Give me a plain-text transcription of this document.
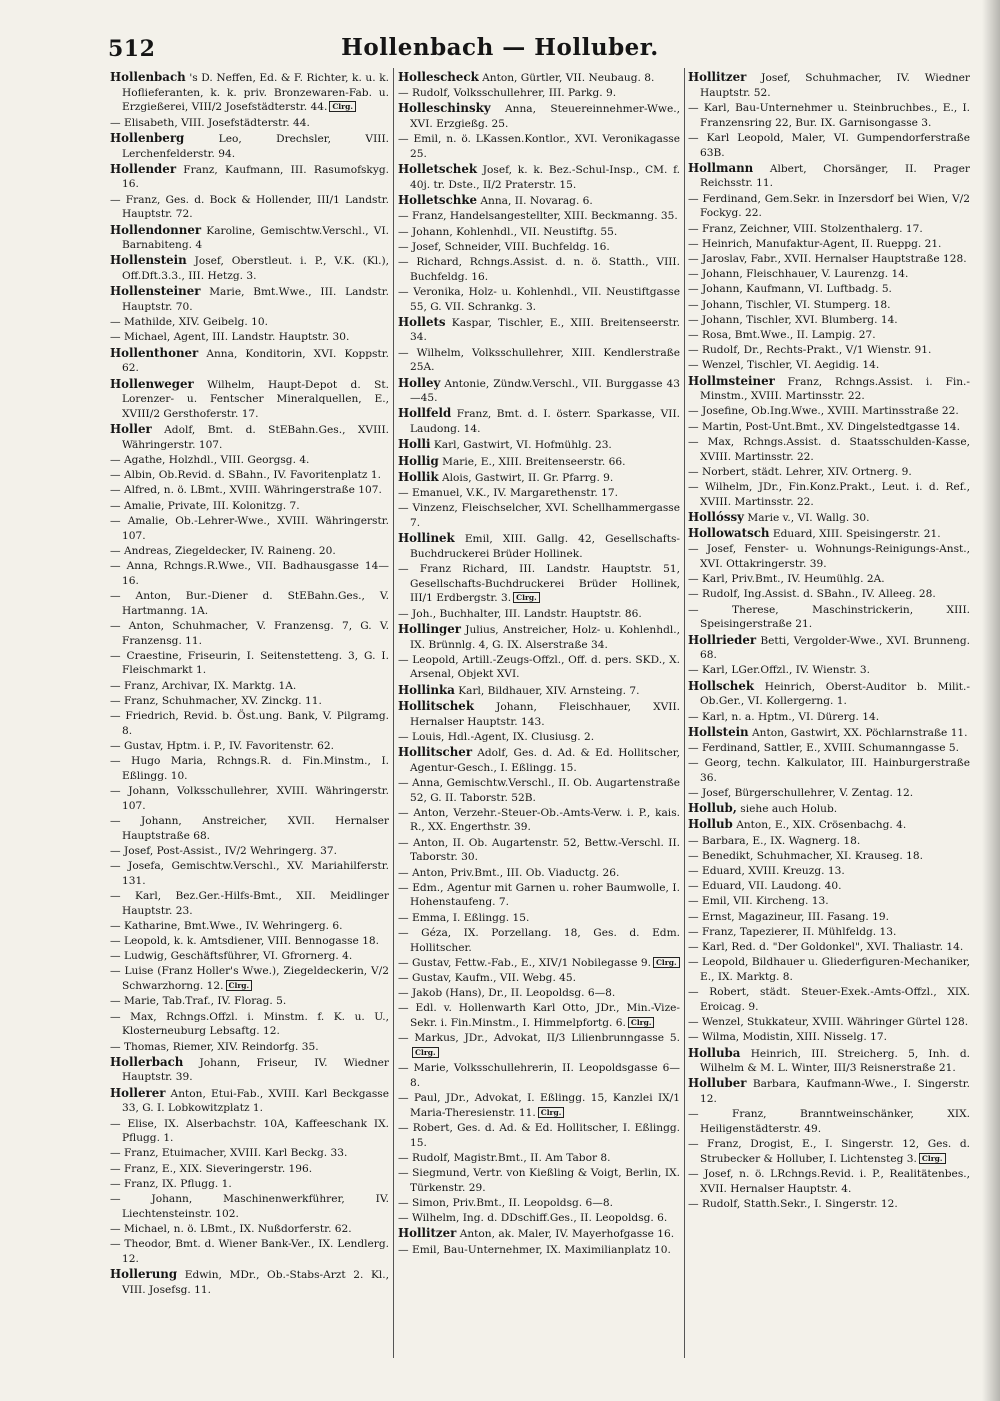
512	Hollenbach — Holluber.
Hollenbach 's D. Neffen, Ed. & F. Richter, k. u. k. Hoflieferanten, k. k. priv. Bronzewaren-Fab. u. Erzgießerei, VIII/2 Josefstädterstr. 44. Clrg.
— Elisabeth, VIII. Josefstädterstr. 44.
Hollenberg	Leo, Drechsler, VIII. Lerchenfelderstr. 94.
Hollender Franz, Kaufmann, III. Rasumofskyg. 16.
— Franz, Ges. d. Bock & Hollender, III/1 Landstr. Hauptstr. 72.
Hollendonner Karoline, Gemischtw.Verschl., VI. Barnabiteng. 4
Hollenstein Josef, Oberstleut. i. P., V.K. (Kl.), Off.Dft.3.3., III. Hetzg. 3.
Hollensteiner Marie, Bmt.Wwe., III. Landstr. Hauptstr. 70.
— Mathilde, XIV. Geibelg. 10.
— Michael, Agent, III. Landstr. Hauptstr. 30.
Hollenthoner Anna, Konditorin, XVI. Koppstr. 62.
Hollenweger Wilhelm, Haupt-Depot d. St. Lorenzer- u. Fentscher Mineralquellen, E., XVIII/2 Gersthoferstr. 17.
Holler Adolf, Bmt. d. StEBahn.Ges., XVIII. Währingerstr. 107.
— Agathe, Holzhdl., VIII. Georgsg. 4.
— Albin, Ob.Revid. d. SBahn., IV. Favoritenplatz 1.
— Alfred, n. ö. LBmt., XVIII. Währingerstraße 107.
— Amalie, Private, III. Kolonitzg. 7.
— Amalie, Ob.-Lehrer-Wwe., XVIII. Währingerstr. 107.
— Andreas, Ziegeldecker, IV. Raineng. 20.
— Anna, Rchngs.R.Wwe., VII. Badhausgasse 14—16.
— Anton, Bur.-Diener d. StEBahn.Ges., V. Hartmanng. 1A.
— Anton, Schuhmacher, V. Franzensg. 7, G. V. Franzensg. 11.
— Craestine, Friseurin, I. Seitenstetteng. 3, G. I. Fleischmarkt 1.
— Franz, Archivar, IX. Marktg. 1A.
— Franz, Schuhmacher, XV. Zinckg. 11.
— Friedrich, Revid. b. Öst.ung. Bank, V. Pilgramg. 8.
— Gustav, Hptm. i. P., IV. Favoritenstr. 62.
— Hugo Maria, Rchngs.R. d. Fin.Minstm., I. Eßlingg. 10.
— Johann, Volksschullehrer, XVIII. Währingerstr. 107.
— Johann, Anstreicher, XVII. Hernalser Hauptstraße 68.
— Josef, Post-Assist., IV/2 Wehringerg. 37.
— Josefa, Gemischtw.Verschl., XV. Mariahilferstr. 131.
— Karl, Bez.Ger.-Hilfs-Bmt., XII. Meidlinger Hauptstr. 23.
— Katharine, Bmt.Wwe., IV. Wehringerg. 6.
— Leopold, k. k. Amtsdiener, VIII. Bennogasse 18.
— Ludwig, Geschäftsführer, VI. Gfrornerg. 4.
— Luise (Franz Holler's Wwe.), Ziegeldeckerin, V/2 Schwarzhorng. 12. Clrg.
— Marie, Tab.Traf., IV. Florag. 5.
— Max, Rchngs.Offzl. i. Minstm. f. K. u. U., Klosterneuburg Lebsaftg. 12.
— Thomas, Riemer, XIV. Reindorfg. 35.
Hollerbach Johann, Friseur, IV. Wiedner Hauptstr. 39.
Hollerer Anton, Etui-Fab., XVIII. Karl Beckgasse 33, G. I. Lobkowitzplatz 1.
— Elise, IX. Alserbachstr. 10A, Kaffeeschank IX. Pflugg. 1.
— Franz, Etuimacher, XVIII. Karl Beckg. 33.
— Franz, E., XIX. Sieveringerstr. 196.
— Franz, IX. Pflugg. 1.
— Johann, Maschinenwerkführer, IV. Liechtensteinstr. 102.
— Michael, n. ö. LBmt., IX. Nußdorferstr. 62.
— Theodor, Bmt. d. Wiener Bank-Ver., IX. Lendlerg. 12.
Hollerung Edwin, MDr., Ob.-Stabs-Arzt 2. Kl., VIII. Josefsg. 11.
Hollescheck Anton, Gürtler, VII. Neubaug. 8.
— Rudolf, Volksschullehrer, III. Parkg. 9.
Holleschinsky Anna, Steuereinnehmer-Wwe., XVI. Erzgießg. 25.
— Emil, n. ö. LKassen.Kontlor., XVI. Veronikagasse 25.
Holletschek Josef, k. k. Bez.-Schul-Insp., CM. f. 40j. tr. Dste., II/2 Praterstr. 15.
Holletschke Anna, II. Novarag. 6.
— Franz, Handelsangestellter, XIII. Beckmanng. 35.
— Johann, Kohlenhdl., VII. Neustiftg. 55.
— Josef, Schneider, VIII. Buchfeldg. 16.
— Richard, Rchngs.Assist. d. n. ö. Statth., VIII. Buchfeldg. 16.
— Veronika, Holz- u. Kohlenhdl., VII. Neustiftgasse 55, G. VII. Schrankg. 3.
Hollets Kaspar, Tischler, E., XIII. Breitenseerstr. 34.
— Wilhelm, Volksschullehrer, XIII. Kendlerstraße 25A.
Holley Antonie, Zündw.Verschl., VII. Burggasse 43—45.
Hollfeld Franz, Bmt. d. I. österr. Sparkasse, VII. Laudong. 14.
Holli Karl, Gastwirt, VI. Hofmühlg. 23.
Hollig Marie, E., XIII. Breitenseerstr. 66.
Hollik Alois, Gastwirt, II. Gr. Pfarrg. 9.
— Emanuel, V.K., IV. Margarethenstr. 17.
— Vinzenz, Fleischselcher, XVI. Schellhammergasse 7.
Hollinek Emil, XIII. Gallg. 42, Gesellschafts-Buchdruckerei Brüder Hollinek.
— Franz Richard, III. Landstr. Hauptstr. 51, Gesellschafts-Buchdruckerei Brüder Hollinek, III/1 Erdbergstr. 3. Clrg.
— Joh., Buchhalter, III. Landstr. Hauptstr. 86.
Hollinger Julius, Anstreicher, Holz- u. Kohlenhdl., IX. Brünnlg. 4, G. IX. Alserstraße 34.
— Leopold, Artill.-Zeugs-Offzl., Off. d. pers. SKD., X. Arsenal, Objekt XVI.
Hollinka Karl, Bildhauer, XIV. Arnsteing. 7.
Hollitschek Johann, Fleischhauer, XVII. Hernalser Hauptstr. 143.
— Louis, Hdl.-Agent, IX. Clusiusg. 2.
Hollitscher Adolf, Ges. d. Ad. & Ed. Hollitscher, Agentur-Gesch., I. Eßlingg. 15.
— Anna, Gemischtw.Verschl., II. Ob. Augartenstraße 52, G. II. Taborstr. 52B.
— Anton, Verzehr.-Steuer-Ob.-Amts-Verw. i. P., kais. R., XX. Engerthstr. 39.
— Anton, II. Ob. Augartenstr. 52, Bettw.-Verschl. II. Taborstr. 30.
— Anton, Priv.Bmt., III. Ob. Viaductg. 26.
— Edm., Agentur mit Garnen u. roher Baumwolle, I. Hohenstaufeng. 7.
— Emma, I. Eßlingg. 15.
— Géza, IX. Porzellang. 18, Ges. d. Edm. Hollitscher.
— Gustav, Fettw.-Fab., E., XIV/1 Nobilegasse 9. Clrg.
— Gustav, Kaufm., VII. Webg. 45.
— Jakob (Hans), Dr., II. Leopoldsg. 6—8.
— Edl. v. Hollenwarth Karl Otto, JDr., Min.-Vize-Sekr. i. Fin.Minstm., I. Himmelpfortg. 6. Clrg.
— Markus, JDr., Advokat, II/3 Lilienbrunngasse 5.Clrg.
— Marie, Volksschullehrerin, II. Leopoldsgasse 6—8.
— Paul, JDr., Advokat, I. Eßlingg. 15, Kanzlei IX/1 Maria-Theresienstr. 11. Clrg.
— Robert, Ges. d. Ad. & Ed. Hollitscher, I. Eßlingg. 15.
— Rudolf, Magistr.Bmt., II. Am Tabor 8.
— Siegmund, Vertr. von Kießling & Voigt, Berlin, IX. Türkenstr. 29.
— Simon, Priv.Bmt., II. Leopoldsg. 6—8.
— Wilhelm, Ing. d. DDschiff.Ges., II. Leopoldsg. 6.
Hollitzer Anton, ak. Maler, IV. Mayerhofgasse 16.
— Emil, Bau-Unternehmer, IX. Maximilianplatz 10.
Hollitzer Josef, Schuhmacher, IV. Wiedner Hauptstr. 52.
— Karl, Bau-Unternehmer u. Steinbruchbes., E., I. Franzensring 22, Bur. IX. Garnisongasse 3.
— Karl Leopold, Maler, VI. Gumpendorferstraße 63B.
Hollmann Albert, Chorsänger, II. Prager Reichsstr. 11.
— Ferdinand, Gem.Sekr. in Inzersdorf bei Wien, V/2 Fockyg. 22.
— Franz, Zeichner, VIII. Stolzenthalerg. 17.
— Heinrich, Manufaktur-Agent, II. Rueppg. 21.
— Jaroslav, Fabr., XVII. Hernalser Hauptstraße 128.
— Johann, Fleischhauer, V. Laurenzg. 14.
— Johann, Kaufmann, VI. Luftbadg. 5.
— Johann, Tischler, VI. Stumperg. 18.
— Johann, Tischler, XVI. Blumberg. 14.
— Rosa, Bmt.Wwe., II. Lampig. 27.
— Rudolf, Dr., Rechts-Prakt., V/1 Wienstr. 91.
— Wenzel, Tischler, VI. Aegidig. 14.
Hollmsteiner Franz, Rchngs.Assist. i. Fin.-Minstm., XVIII. Martinsstr. 22.
— Josefine, Ob.Ing.Wwe., XVIII. Martinsstraße 22.
— Martin, Post-Unt.Bmt., XV. Dingelstedtgasse 14.
— Max, Rchngs.Assist. d. Staatsschulden-Kasse, XVIII. Martinsstr. 22.
— Norbert, städt. Lehrer, XIV. Ortnerg. 9.
— Wilhelm, JDr., Fin.Konz.Prakt., Leut. i. d. Ref., XVIII. Martinsstr. 22.
Hollóssy Marie v., VI. Wallg. 30.
Hollowatsch Eduard, XIII. Speisingerstr. 21.
— Josef, Fenster- u. Wohnungs-Reinigungs-Anst., XVI. Ottakringerstr. 39.
— Karl, Priv.Bmt., IV. Heumühlg. 2A.
— Rudolf, Ing.Assist. d. SBahn., IV. Alleeg. 28.
— Therese, Maschinstrickerin, XIII. Speisingerstraße 21.
Hollrieder Betti, Vergolder-Wwe., XVI. Brunneng. 68.
— Karl, LGer.Offzl., IV. Wienstr. 3.
Hollschek Heinrich, Oberst-Auditor b. Milit.-Ob.Ger., VI. Kollergerng. 1.
— Karl, n. a. Hptm., VI. Dürerg. 14.
Hollstein Anton, Gastwirt, XX. Pöchlarnstraße 11.
— Ferdinand, Sattler, E., XVIII. Schumanngasse 5.
— Georg, techn. Kalkulator, III. Hainburgerstraße 36.
— Josef, Bürgerschullehrer, V. Zentag. 12.
Hollub, siehe auch Holub.
Hollub Anton, E., XIX. Crösenbachg. 4.
— Barbara, E., IX. Wagnerg. 18.
— Benedikt, Schuhmacher, XI. Krauseg. 18.
— Eduard, XVIII. Kreuzg. 13.
— Eduard, VII. Laudong. 40.
— Emil, VII. Kircheng. 13.
— Ernst, Magazineur, III. Fasang. 19.
— Franz, Tapezierer, II. Mühlfeldg. 13.
— Karl, Red. d. "Der Goldonkel", XVI. Thaliastr. 14.
— Leopold, Bildhauer u. Gliederfiguren-Mechaniker, E., IX. Marktg. 8.
— Robert, städt. Steuer-Exek.-Amts-Offzl., XIX. Eroicag. 9.
— Wenzel, Stukkateur, XVIII. Währinger Gürtel 128.
— Wilma, Modistin, XIII. Nisselg. 17.
Holluba Heinrich, III. Streicherg. 5, Inh. d. Wilhelm & M. L. Winter, III/3 Reisnerstraße 21.
Holluber Barbara, Kaufmann-Wwe., I. Singerstr. 12.
— Franz, Branntweinschänker, XIX. Heiligenstädterstr. 49.
— Franz, Drogist, E., I. Singerstr. 12, Ges. d. Strubecker & Holluber, I. Lichtensteg 3. Clrg.
— Josef, n. ö. LRchngs.Revid. i. P., Realitätenbes., XVII. Hernalser Hauptstr. 4.
— Rudolf, Statth.Sekr., I. Singerstr. 12.
